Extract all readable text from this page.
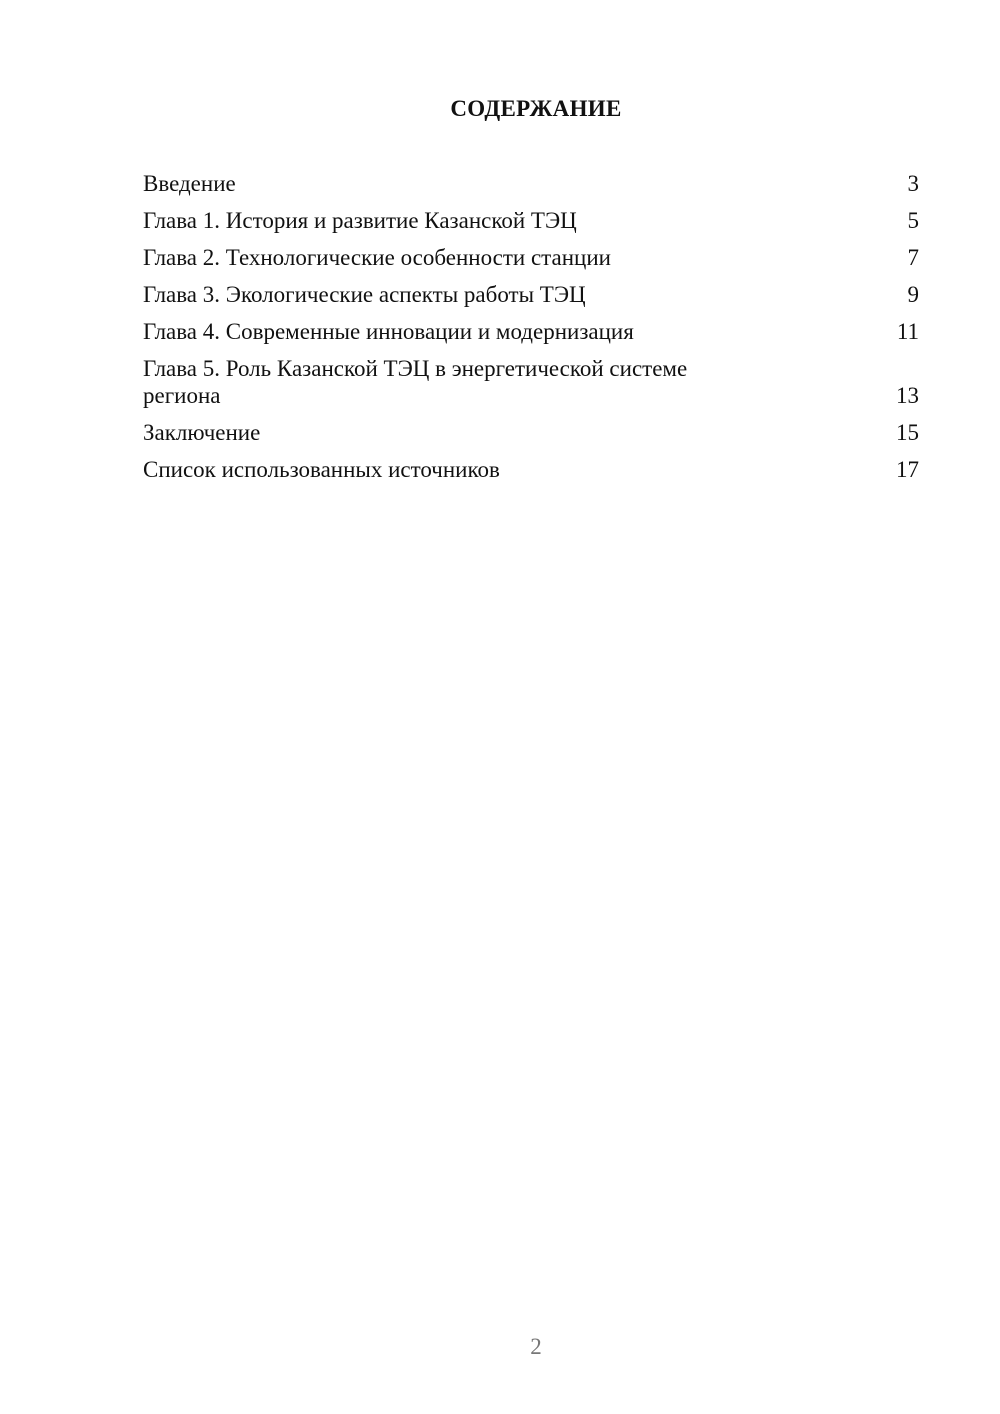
СОДЕРЖАНИЕ
Введение	3
Глава 1. История и развитие Казанской ТЭЦ	5
Глава 2. Технологические особенности станции	7
Глава 3. Экологические аспекты работы ТЭЦ	9
Глава 4. Современные инновации и модернизация	11
Глава 5. Роль Казанской ТЭЦ в энергетической системе региона	13
Заключение	15
Список использованных источников	17
2
